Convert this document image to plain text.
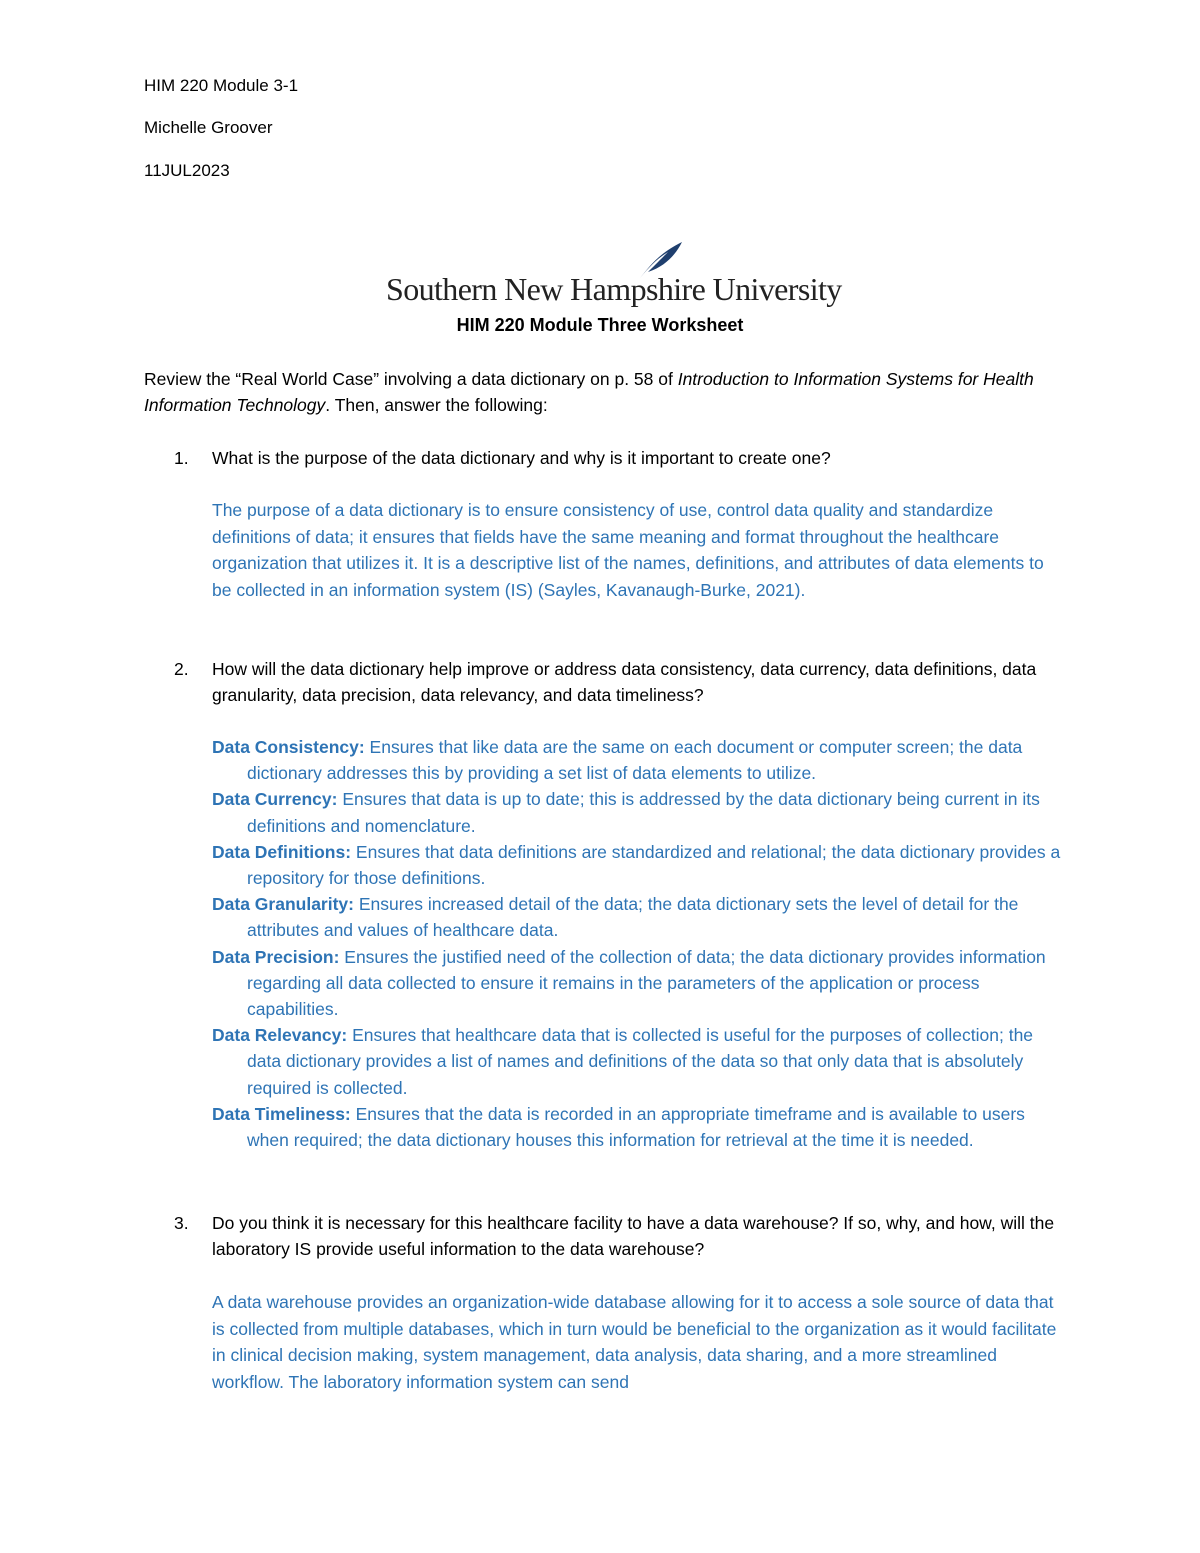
HIM 220 Module 3-1
Michelle Groover
11JUL2023
Southern New Hampshire University
HIM 220 Module Three Worksheet
Review the “Real World Case” involving a data dictionary on p. 58 of Introduction to Information Systems for Health Information Technology. Then, answer the following:
1. What is the purpose of the data dictionary and why is it important to create one?
The purpose of a data dictionary is to ensure consistency of use, control data quality and standardize definitions of data; it ensures that fields have the same meaning and format throughout the healthcare organization that utilizes it. It is a descriptive list of the names, definitions, and attributes of data elements to be collected in an information system (IS) (Sayles, Kavanaugh-Burke, 2021).
2. How will the data dictionary help improve or address data consistency, data currency, data definitions, data granularity, data precision, data relevancy, and data timeliness?
Data Consistency: Ensures that like data are the same on each document or computer screen; the data dictionary addresses this by providing a set list of data elements to utilize.
Data Currency: Ensures that data is up to date; this is addressed by the data dictionary being current in its definitions and nomenclature.
Data Definitions: Ensures that data definitions are standardized and relational; the data dictionary provides a repository for those definitions.
Data Granularity: Ensures increased detail of the data; the data dictionary sets the level of detail for the attributes and values of healthcare data.
Data Precision: Ensures the justified need of the collection of data; the data dictionary provides information regarding all data collected to ensure it remains in the parameters of the application or process capabilities.
Data Relevancy: Ensures that healthcare data that is collected is useful for the purposes of collection; the data dictionary provides a list of names and definitions of the data so that only data that is absolutely required is collected.
Data Timeliness: Ensures that the data is recorded in an appropriate timeframe and is available to users when required; the data dictionary houses this information for retrieval at the time it is needed.
3. Do you think it is necessary for this healthcare facility to have a data warehouse? If so, why, and how, will the laboratory IS provide useful information to the data warehouse?
A data warehouse provides an organization-wide database allowing for it to access a sole source of data that is collected from multiple databases, which in turn would be beneficial to the organization as it would facilitate in clinical decision making, system management, data analysis, data sharing, and a more streamlined workflow. The laboratory information system can send
